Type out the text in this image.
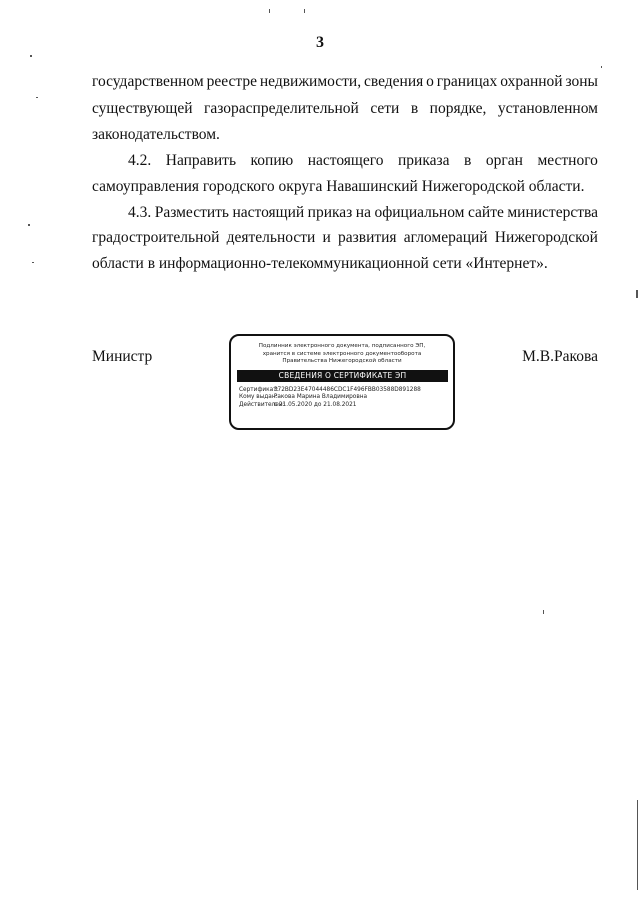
3
государственном реестре недвижимости, сведения о границах охранной зоны
существующей газораспределительной сети в порядке, установленном
законодательством.
4.2. Направить копию настоящего приказа в орган местного
самоуправления городского округа Навашинский Нижегородской области.
4.3. Разместить настоящий приказ на официальном сайте министерства
градостроительной деятельности и развития агломераций Нижегородской
области в информационно-телекоммуникационной сети «Интернет».
Министр	М.В.Ракова
Подлинник электронного документа, подписанного ЭП,
хранится в системе электронного документооборота
Правительства Нижегородской области
СВЕДЕНИЯ О СЕРТИФИКАТЕ ЭП
Сертификат: 372BD23E47044486CDC1F496FBB03588D891288
Кому выдан: Ракова Марина Владимировна
Действителен: с 21.05.2020 до 21.08.2021
